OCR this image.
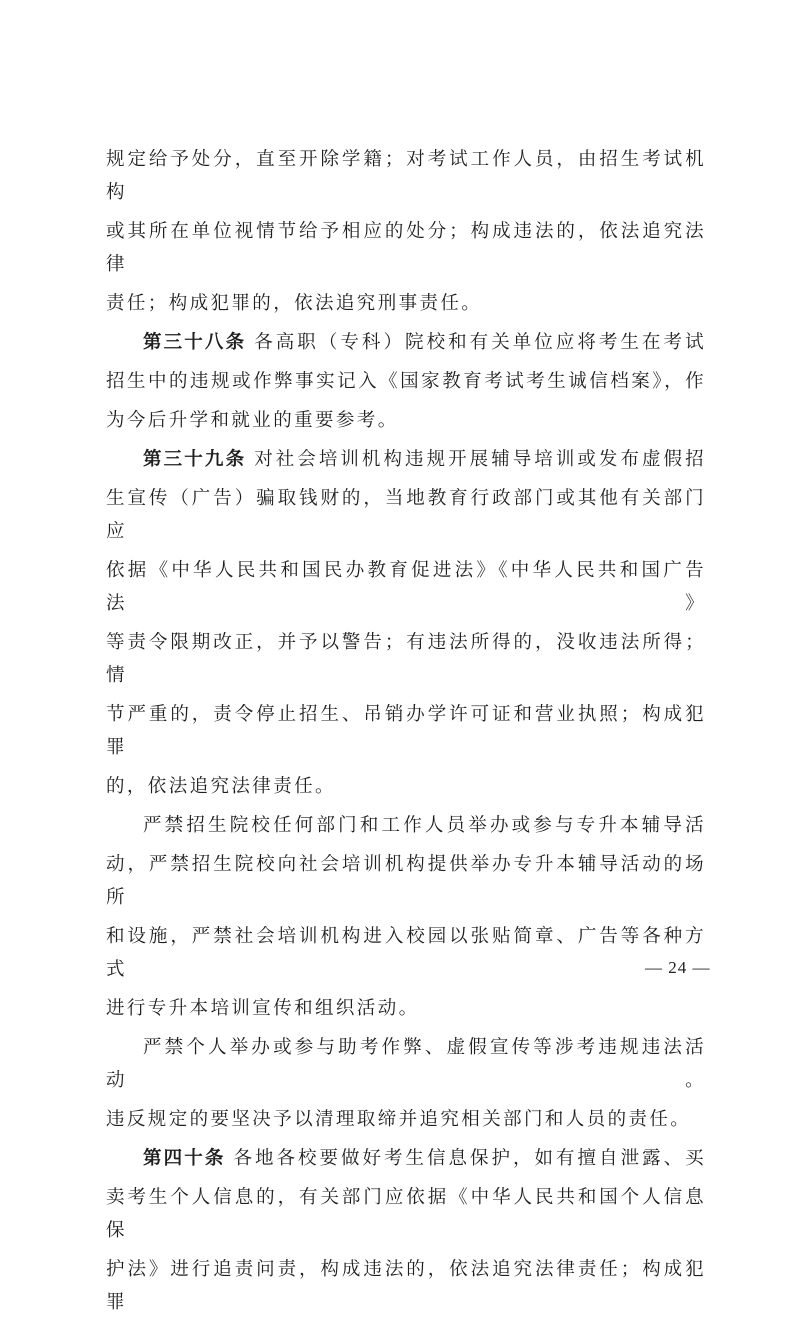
规定给予处分，直至开除学籍；对考试工作人员，由招生考试机构
或其所在单位视情节给予相应的处分；构成违法的，依法追究法律
责任；构成犯罪的，依法追究刑事责任。
第三十八条 各高职（专科）院校和有关单位应将考生在考试
招生中的违规或作弊事实记入《国家教育考试考生诚信档案》，作
为今后升学和就业的重要参考。
第三十九条 对社会培训机构违规开展辅导培训或发布虚假招
生宣传（广告）骗取钱财的，当地教育行政部门或其他有关部门应
依据《中华人民共和国民办教育促进法》《中华人民共和国广告法》
等责令限期改正，并予以警告；有违法所得的，没收违法所得；情
节严重的，责令停止招生、吊销办学许可证和营业执照；构成犯罪
的，依法追究法律责任。
严禁招生院校任何部门和工作人员举办或参与专升本辅导活
动，严禁招生院校向社会培训机构提供举办专升本辅导活动的场所
和设施，严禁社会培训机构进入校园以张贴简章、广告等各种方式
进行专升本培训宣传和组织活动。
严禁个人举办或参与助考作弊、虚假宣传等涉考违规违法活动。
违反规定的要坚决予以清理取缔并追究相关部门和人员的责任。
第四十条 各地各校要做好考生信息保护，如有擅自泄露、买
卖考生个人信息的，有关部门应依据《中华人民共和国个人信息保
护法》进行追责问责，构成违法的，依法追究法律责任；构成犯罪
— 24 —
